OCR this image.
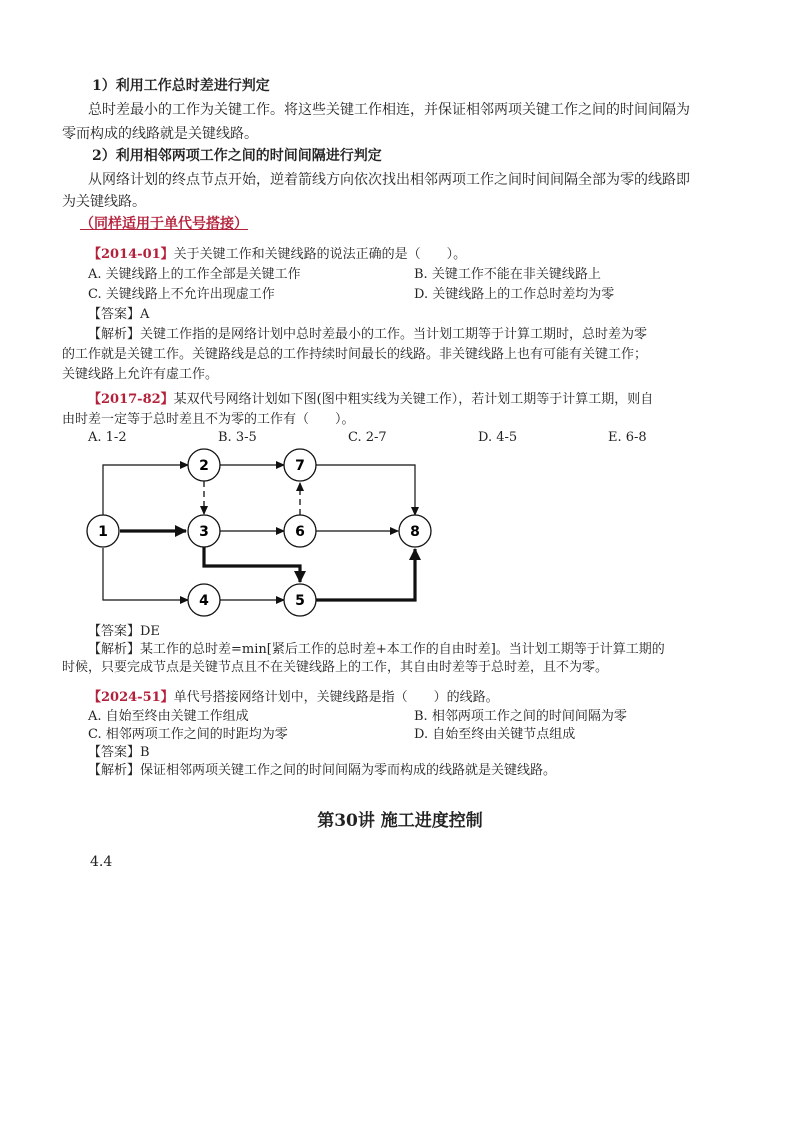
1）利用工作总时差进行判定
总时差最小的工作为关键工作。将这些关键工作相连，并保证相邻两项关键工作之间的时间间隔为
零而构成的线路就是关键线路。
2）利用相邻两项工作之间的时间间隔进行判定
从网络计划的终点节点开始，逆着箭线方向依次找出相邻两项工作之间时间间隔全部为零的线路即
为关键线路。
（同样适用于单代号搭接）
【2014-01】关于关键工作和关键线路的说法正确的是（　　）。
A. 关键线路上的工作全部是关键工作	B. 关键工作不能在非关键线路上
C. 关键线路上不允许出现虚工作	D. 关键线路上的工作总时差均为零
【答案】A
【解析】关键工作指的是网络计划中总时差最小的工作。当计划工期等于计算工期时，总时差为零
的工作就是关键工作。关键路线是总的工作持续时间最长的线路。非关键线路上也有可能有关键工作；
关键线路上允许有虚工作。
【2017-82】某双代号网络计划如下图(图中粗实线为关键工作），若计划工期等于计算工期，则自
由时差一定等于总时差且不为零的工作有（　　）。
A. 1-2	B. 3-5	C. 2-7	D. 4-5	E. 6-8
1
2
3
4	5
6
7
8
【答案】DE
【解析】某工作的总时差=min[紧后工作的总时差+本工作的自由时差]。当计划工期等于计算工期的
时候，只要完成节点是关键节点且不在关键线路上的工作，其自由时差等于总时差，且不为零。
【2024-51】单代号搭接网络计划中，关键线路是指（　　）的线路。
A. 自始至终由关键工作组成	B. 相邻两项工作之间的时间间隔为零
C. 相邻两项工作之间的时距均为零	D. 自始至终由关键节点组成
【答案】B
【解析】保证相邻两项关键工作之间的时间间隔为零而构成的线路就是关键线路。
第30讲 施工进度控制
4.4
